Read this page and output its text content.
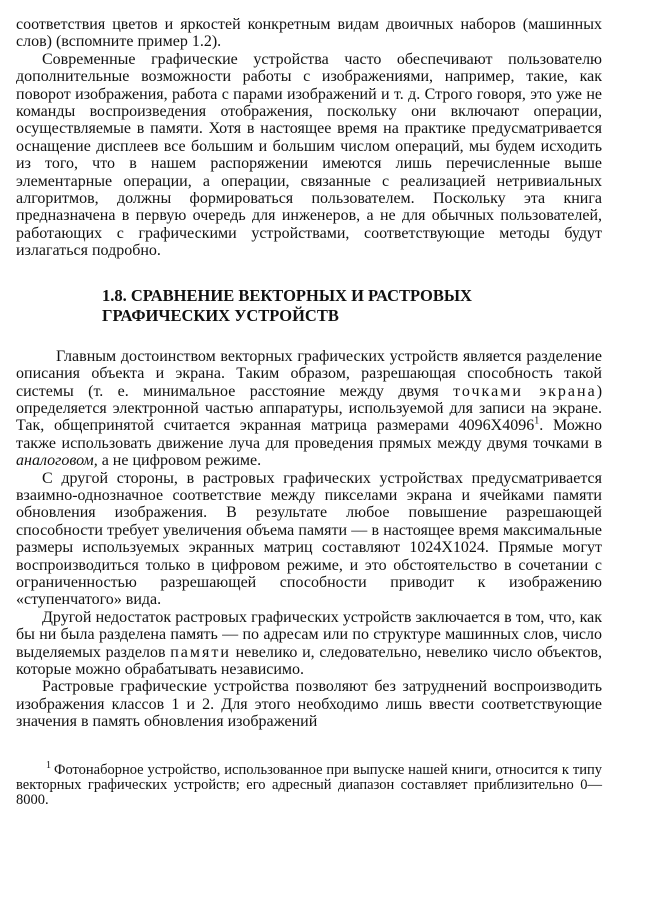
соответствия цветов и яркостей конкретным видам двоичных наборов (машинных слов) (вспомните пример 1.2).

Современные графические устройства часто обеспечивают пользователю дополнительные возможности работы с изображениями, например, такие, как поворот изображения, работа с парами изображений и т. д. Строго говоря, это уже не команды воспроизведения отображения, поскольку они включают операции, осуществляемые в памяти. Хотя в настоящее время на практике предусматривается оснащение дисплеев все большим и большим числом операций, мы будем исходить из того, что в нашем распоряжении имеются лишь перечисленные выше элементарные операции, а операции, связанные с реализацией нетривиальных алгоритмов, должны формироваться пользователем. Поскольку эта книга предназначена в первую очередь для инженеров, а не для обычных пользователей, работающих с графическими устройствами, соответствующие методы будут излагаться подробно.

1.8. СРАВНЕНИЕ ВЕКТОРНЫХ И РАСТРОВЫХ
ГРАФИЧЕСКИХ УСТРОЙСТВ

Главным достоинством векторных графических устройств является разделение описания объекта и экрана. Таким образом, разрешающая способность такой системы (т. е. минимальное расстояние между двумя точками экрана) определяется электронной частью аппаратуры, используемой для записи на экране. Так, общепринятой считается экранная матрица размерами 4096Х4096$^1$. Можно также использовать движение луча для проведения прямых между двумя точками в аналоговом, а не цифровом режиме.

С другой стороны, в растровых графических устройствах предусматривается взаимно-однозначное соответствие между пикселами экрана и ячейками памяти обновления изображения. В результате любое повышение разрешающей способности требует увеличения объема памяти — в настоящее время максимальные размеры используемых экранных матриц составляют 1024Х1024. Прямые могут воспроизводиться только в цифровом режиме, и это обстоятельство в сочетании с ограниченностью разрешающей способности приводит к изображению «ступенчатого» вида.

Другой недостаток растровых графических устройств заключается в том, что, как бы ни была разделена память — по адресам или по структуре машинных слов, число выделяемых разделов памяти невелико и, следовательно, невелико число объектов, которые можно обрабатывать независимо.

Растровые графические устройства позволяют без затруднений воспроизводить изображения классов 1 и 2. Для этого необходимо лишь ввести соответствующие значения в память обновления изображений

$^1$ Фотонаборное устройство, использованное при выпуске нашей книги, относится к типу векторных графических устройств; его адресный диапазон составляет приблизительно 0—8000.
